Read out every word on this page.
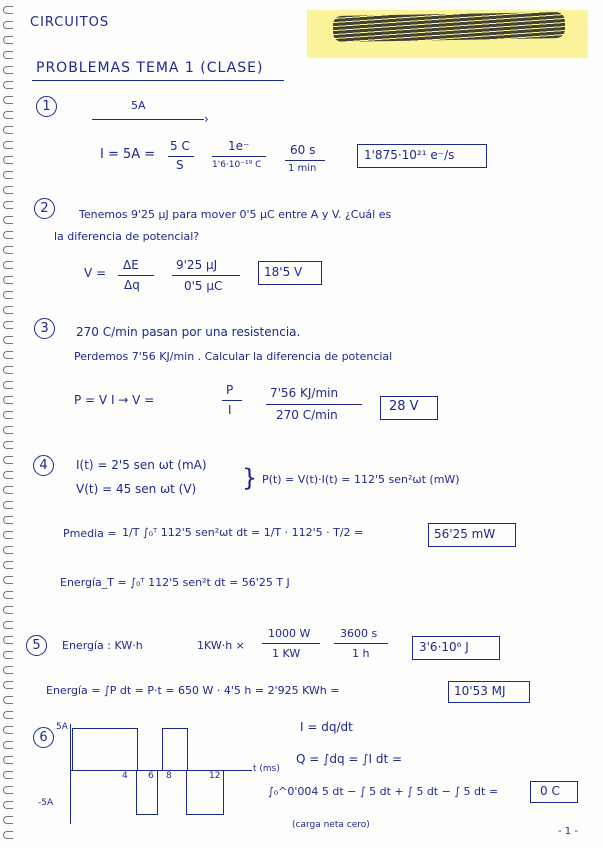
CIRCUITOS
PROBLEMAS TEMA 1 (CLASE)
1	5A
›
I = 5A =
5 C
S
1e⁻
1'6·10⁻¹⁹ C
60 s
1 min
1'875·10²¹ e⁻/s
2	Tenemos 9'25 µJ para mover 0'5 µC entre A y V. ¿Cuál es
la diferencia de potencial?
V =
ΔE
Δq
9'25 µJ
0'5 µC
18'5 V
3	270 C/min pasan por una resistencia.
Perdemos 7'56 KJ/min . Calcular la diferencia de potencial
P = V I → V =
P
I
7'56 KJ/min
270 C/min
28 V
4	I(t) = 2'5 sen ωt (mA)
V(t) = 45 sen ωt (V) } P(t) = V(t)·I(t) = 112'5 sen²ωt (mW)
Pmedia = 1/T ∫₀ᵀ 112'5 sen²ωt dt = 1/T · 112'5 · T/2 =	56'25 mW
Energía_T = ∫₀ᵀ 112'5 sen²t dt = 56'25 T J
5	Energía : KW·h	1KW·h ×
1000 W
1 KW
3600 s
1 h	3'6·10⁶ J
Energía = ∫P dt = P·t = 650 W · 4'5 h = 2'925 KWh =	10'53 MJ
6
5A
-5A
t (ms)
4 6 8	12
I = dq/dt
Q = ∫dq = ∫I dt =
∫₀^0'004 5 dt − ∫ 5 dt + ∫ 5 dt − ∫ 5 dt =	0 C
(carga neta cero)
- 1 -
